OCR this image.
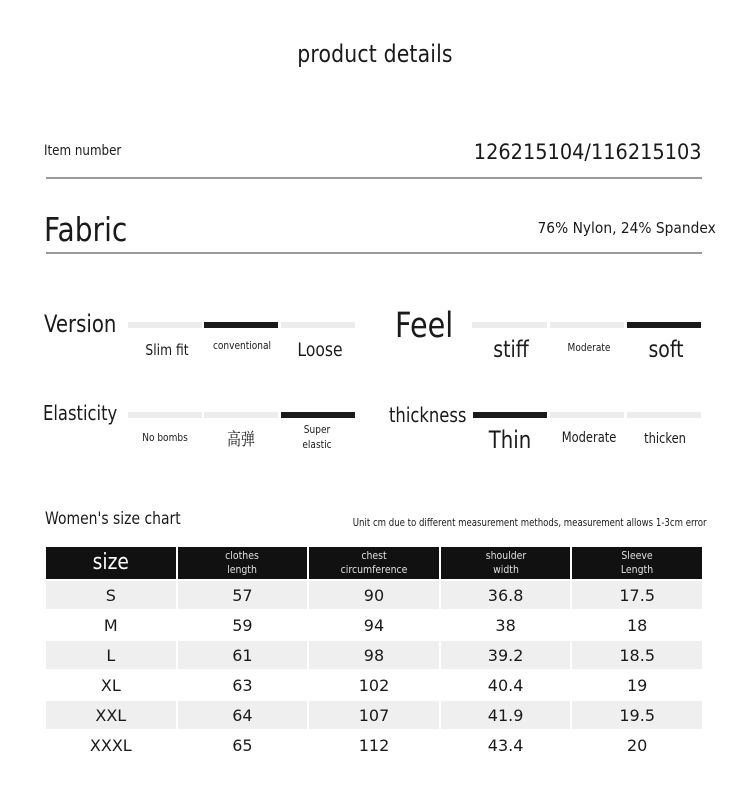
product details
Item number	126215104/116215103
Fabric	76% Nylon, 24% Spandex
Version
Slim fit	conventional	Loose
Feel
stiff	Moderate	soft
Elasticity
No bombs	高弹
Super elastic
thickness
Thin	Moderate	thicken
Women's size chart	Unit cm due to different measurement methods, measurement allows 1-3cm error
size	clothes length	chest circumference	shoulder width	Sleeve Length

S	57	90	36.8	17.5
M	59	94	38	18
L	61	98	39.2	18.5
XL	63	102	40.4	19
XXL	64	107	41.9	19.5
XXXL	65	112	43.4	20
